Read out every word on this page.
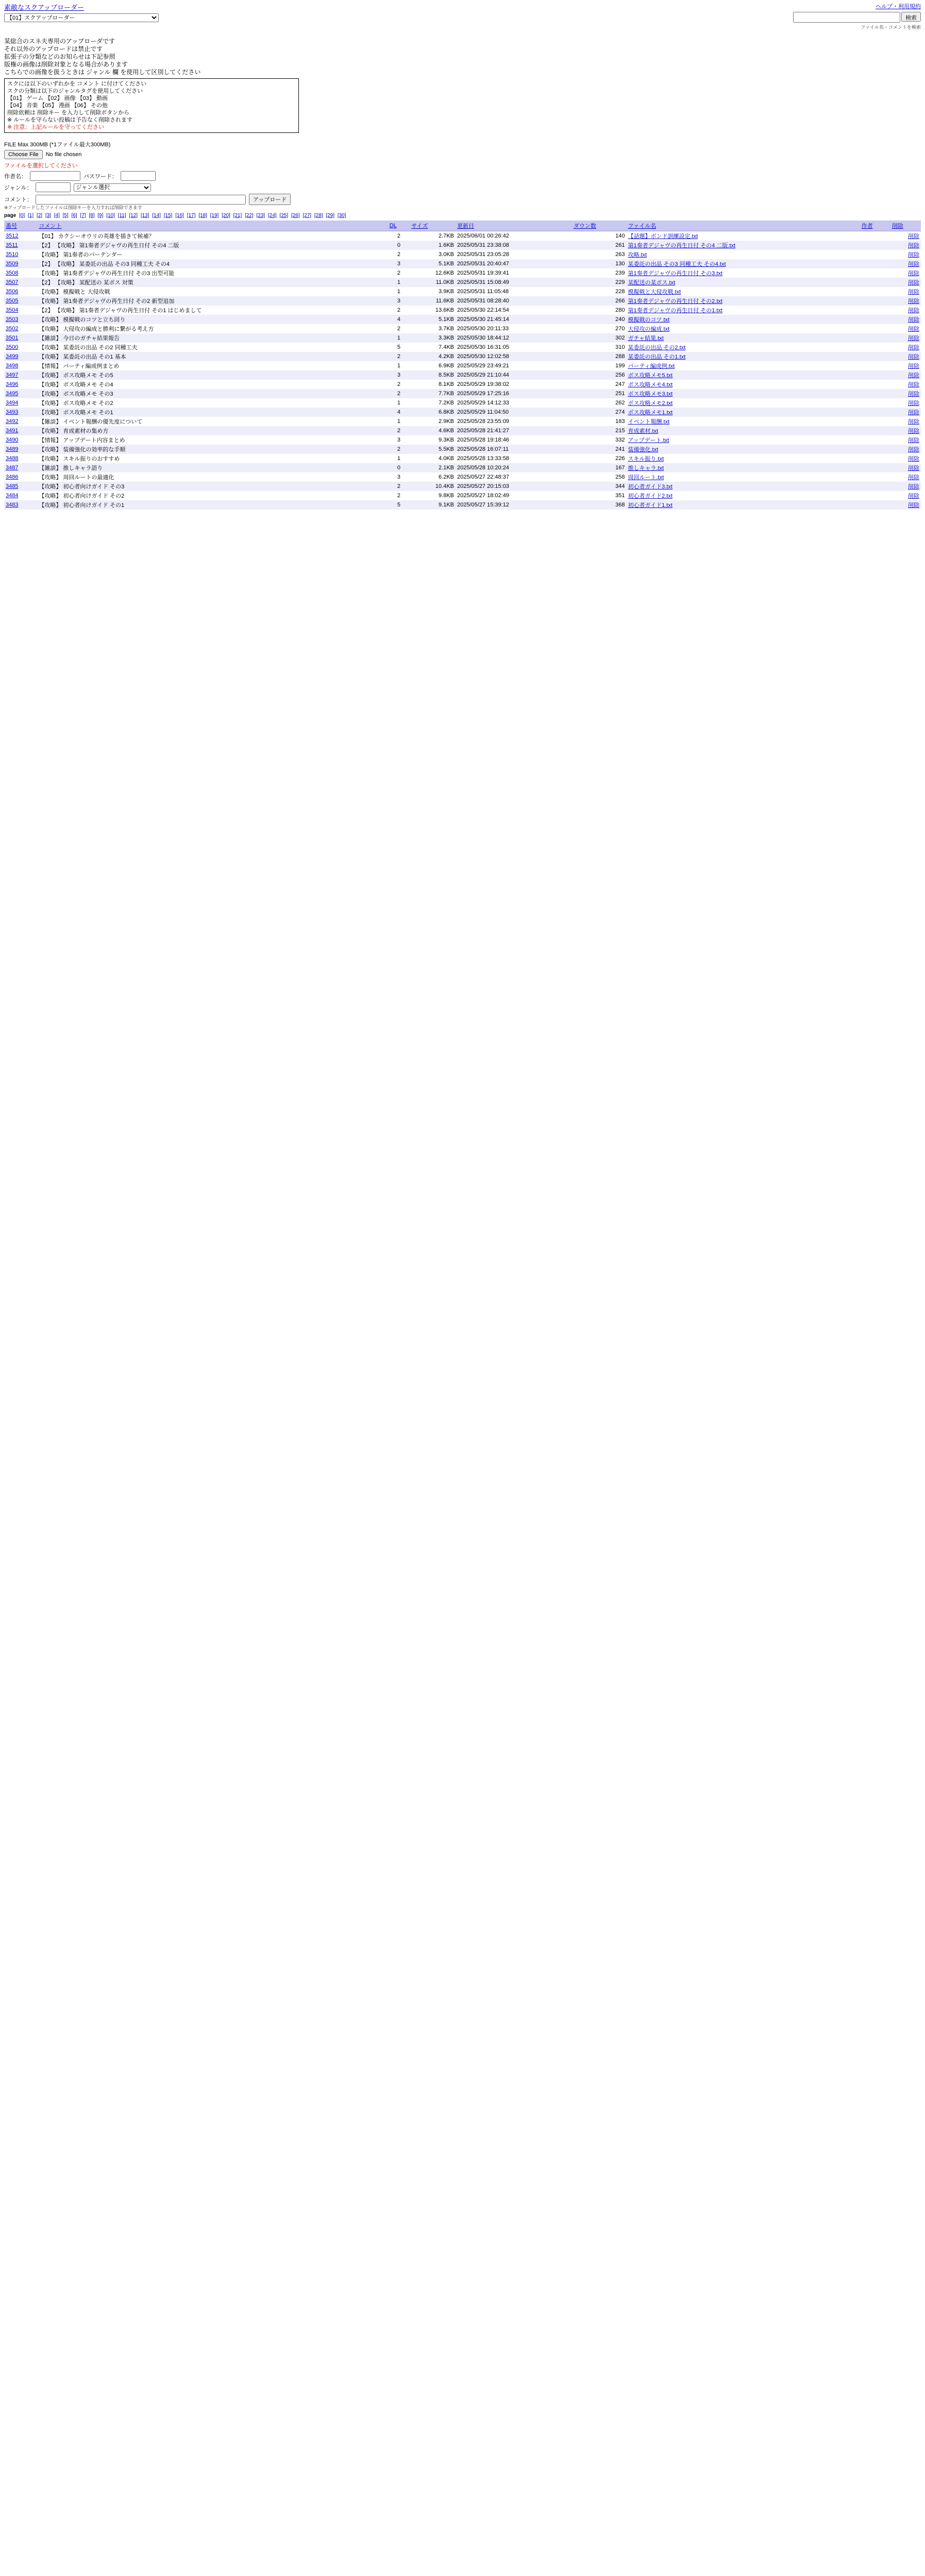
素敵なスクアップローダー
【01】スクアップローダー	ヘルプ・利用規約
検索
ファイル名・コメントを検索
某総合のスネ夫専用のアップローダです
それ以外のアップロードは禁止です
拡張子の分類などのお知らせは下記参照
版権の画像は削除対象となる場合があります
こちらでの画像を扱うときは ジャンル 欄 を使用して区別してください
スクには以下のいずれかを コメント に付けてください
スクの分類は以下のジャンルタグを使用してください
【01】 ゲーム 【02】 画像 【03】 動画
【04】 音楽 【05】 漫画 【06】 その他
削除依頼は 削除キー を入力して削除ボタンから
※ ルールを守らない投稿は予告なく削除されます
※ 注意：上記ルールを守ってください
FILE Max 300MB (*1ファイル最大300MB)
Choose File	No file chosen
ファイルを選択してください
作者名：	パスワード：
ジャンル：
ジャンル選択
コメント：	アップロード
※アップロードしたファイルは削除キーを入力すれば削除できます
page [0] [1] [2] [3] [4] [5] [6] [7] [8] [9] [10] [11] [12] [13] [14] [15] [16] [17] [18] [19] [20] [21] [22] [23] [24] [25] [26] [27] [28] [29] [30]
番号	コメント	DL	サイズ	更新日	ダウン数	ファイル名	作者	削除
3512	【01】 カクシーオウリの英雄を描きて候補？	2	2.7KB	2025/06/01 00:26:42	140	【話題】ボンド訓練設定.txt		削除
3511	【2】 【攻略】 第1奏者デジャヴの再生日付 その4 二版	0	1.6KB	2025/05/31 23:38:08	261	第1奏者デジャヴの再生日付 その4 二版.txt		削除
3510	【攻略】 第1奏者のバーテンダー	2	3.0KB	2025/05/31 23:05:28	263	攻略.txt		削除
3509	【2】 【攻略】 某委託の出品 その3 同種工夫 その4	3	5.1KB	2025/05/31 20:40:47	130	某委託の出品 その3 同種工夫 その4.txt		削除
3508	【攻略】 第1奏者デジャヴの再生日付 その3 出型可能	2	12.6KB	2025/05/31 19:39:41	239	第1奏者デジャヴの再生日付 その3.txt		削除
3507	【2】 【攻略】 某配送の 某ボス 対策	1	11.0KB	2025/05/31 15:08:49	229	某配送の某ボス.txt		削除
3506	【攻略】 模擬戦と 大侵攻戦	1	3.9KB	2025/05/31 11:05:48	228	模擬戦と大侵攻戦.txt		削除
3505	【攻略】 第1奏者デジャヴの再生日付 その2 新型追加	3	11.6KB	2025/05/31 08:28:40	266	第1奏者デジャヴの再生日付 その2.txt		削除
3504	【2】 【攻略】 第1奏者デジャヴの再生日付 その1 はじめまして	2	13.6KB	2025/05/30 22:14:54	280	第1奏者デジャヴの再生日付 その1.txt		削除
3503	【攻略】 模擬戦のコツと立ち回り	4	5.1KB	2025/05/30 21:45:14	240	模擬戦のコツ.txt		削除
3502	【攻略】 大侵攻の編成と勝利に繋がる考え方	2	3.7KB	2025/05/30 20:11:33	270	大侵攻の編成.txt		削除
3501	【雑談】 今日のガチャ結果報告	1	3.3KB	2025/05/30 18:44:12	302	ガチャ結果.txt		削除
3500	【攻略】 某委託の出品 その2 同種工夫	5	7.4KB	2025/05/30 16:31:05	310	某委託の出品 その2.txt		削除
3499	【攻略】 某委託の出品 その1 基本	2	4.2KB	2025/05/30 12:02:58	288	某委託の出品 その1.txt		削除
3498	【情報】 パーティ編成例まとめ	1	6.9KB	2025/05/29 23:49:21	199	パーティ編成例.txt		削除
3497	【攻略】 ボス攻略メモ その5	3	8.5KB	2025/05/29 21:10:44	256	ボス攻略メモ5.txt		削除
3496	【攻略】 ボス攻略メモ その4	2	8.1KB	2025/05/29 19:38:02	247	ボス攻略メモ4.txt		削除
3495	【攻略】 ボス攻略メモ その3	2	7.7KB	2025/05/29 17:25:16	251	ボス攻略メモ3.txt		削除
3494	【攻略】 ボス攻略メモ その2	1	7.2KB	2025/05/29 14:12:33	262	ボス攻略メモ2.txt		削除
3493	【攻略】 ボス攻略メモ その1	4	6.8KB	2025/05/29 11:04:50	274	ボス攻略メモ1.txt		削除
3492	【雑談】 イベント報酬の優先度について	1	2.9KB	2025/05/28 23:55:09	183	イベント報酬.txt		削除
3491	【攻略】 育成素材の集め方	2	4.6KB	2025/05/28 21:41:27	215	育成素材.txt		削除
3490	【情報】 アップデート内容まとめ	3	9.3KB	2025/05/28 19:18:46	332	アップデート.txt		削除
3489	【攻略】 装備強化の効率的な手順	2	5.5KB	2025/05/28 16:07:11	241	装備強化.txt		削除
3488	【攻略】 スキル振りのおすすめ	1	4.0KB	2025/05/28 13:33:58	226	スキル振り.txt		削除
3487	【雑談】 推しキャラ語り	0	2.1KB	2025/05/28 10:20:24	167	推しキャラ.txt		削除
3486	【攻略】 周回ルートの最適化	3	6.2KB	2025/05/27 22:48:37	258	周回ルート.txt		削除
3485	【攻略】 初心者向けガイド その3	2	10.4KB	2025/05/27 20:15:03	344	初心者ガイド3.txt		削除
3484	【攻略】 初心者向けガイド その2	2	9.8KB	2025/05/27 18:02:49	351	初心者ガイド2.txt		削除
3483	【攻略】 初心者向けガイド その1	5	9.1KB	2025/05/27 15:39:12	368	初心者ガイド1.txt		削除
